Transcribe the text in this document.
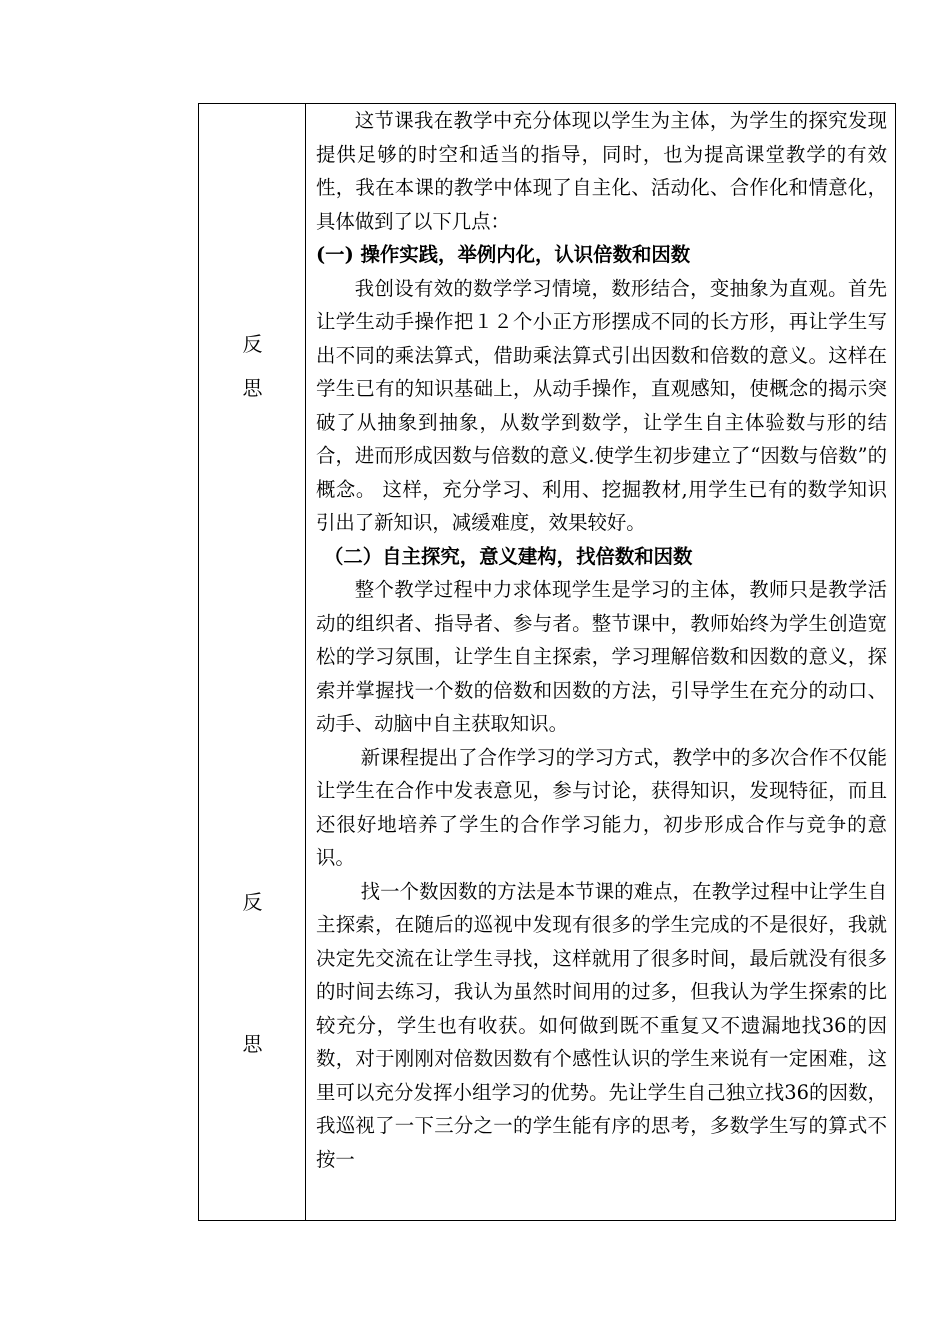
反
思
反
思

这节课我在教学中充分体现以学生为主体，为学生的探究发现提供足够的时空和适当的指导，同时，也为提高课堂教学的有效性，我在本课的教学中体现了自主化、活动化、合作化和情意化，具体做到了以下几点：

(一) 操作实践，举例内化，认识倍数和因数

我创设有效的数学学习情境，数形结合，变抽象为直观。首先让学生动手操作把１２个小正方形摆成不同的长方形，再让学生写出不同的乘法算式，借助乘法算式引出因数和倍数的意义。这样在学生已有的知识基础上，从动手操作，直观感知，使概念的揭示突破了从抽象到抽象，从数学到数学，让学生自主体验数与形的结合，进而形成因数与倍数的意义.使学生初步建立了“因数与倍数”的概念。 这样，充分学习、利用、挖掘教材,用学生已有的数学知识引出了新知识，减缓难度，效果较好。

（二）自主探究，意义建构，找倍数和因数

整个教学过程中力求体现学生是学习的主体，教师只是教学活动的组织者、指导者、参与者。整节课中，教师始终为学生创造宽松的学习氛围，让学生自主探索，学习理解倍数和因数的意义，探索并掌握找一个数的倍数和因数的方法，引导学生在充分的动口、动手、动脑中自主获取知识。

新课程提出了合作学习的学习方式，教学中的多次合作不仅能让学生在合作中发表意见，参与讨论，获得知识，发现特征，而且还很好地培养了学生的合作学习能力，初步形成合作与竞争的意识。

找一个数因数的方法是本节课的难点，在教学过程中让学生自主探索，在随后的巡视中发现有很多的学生完成的不是很好，我就决定先交流在让学生寻找，这样就用了很多时间，最后就没有很多的时间去练习，我认为虽然时间用的过多，但我认为学生探索的比较充分，学生也有收获。如何做到既不重复又不遗漏地找36的因数，对于刚刚对倍数因数有个感性认识的学生来说有一定困难，这里可以充分发挥小组学习的优势。先让学生自己独立找36的因数，我巡视了一下三分之一的学生能有序的思考，多数学生写的算式不按一
